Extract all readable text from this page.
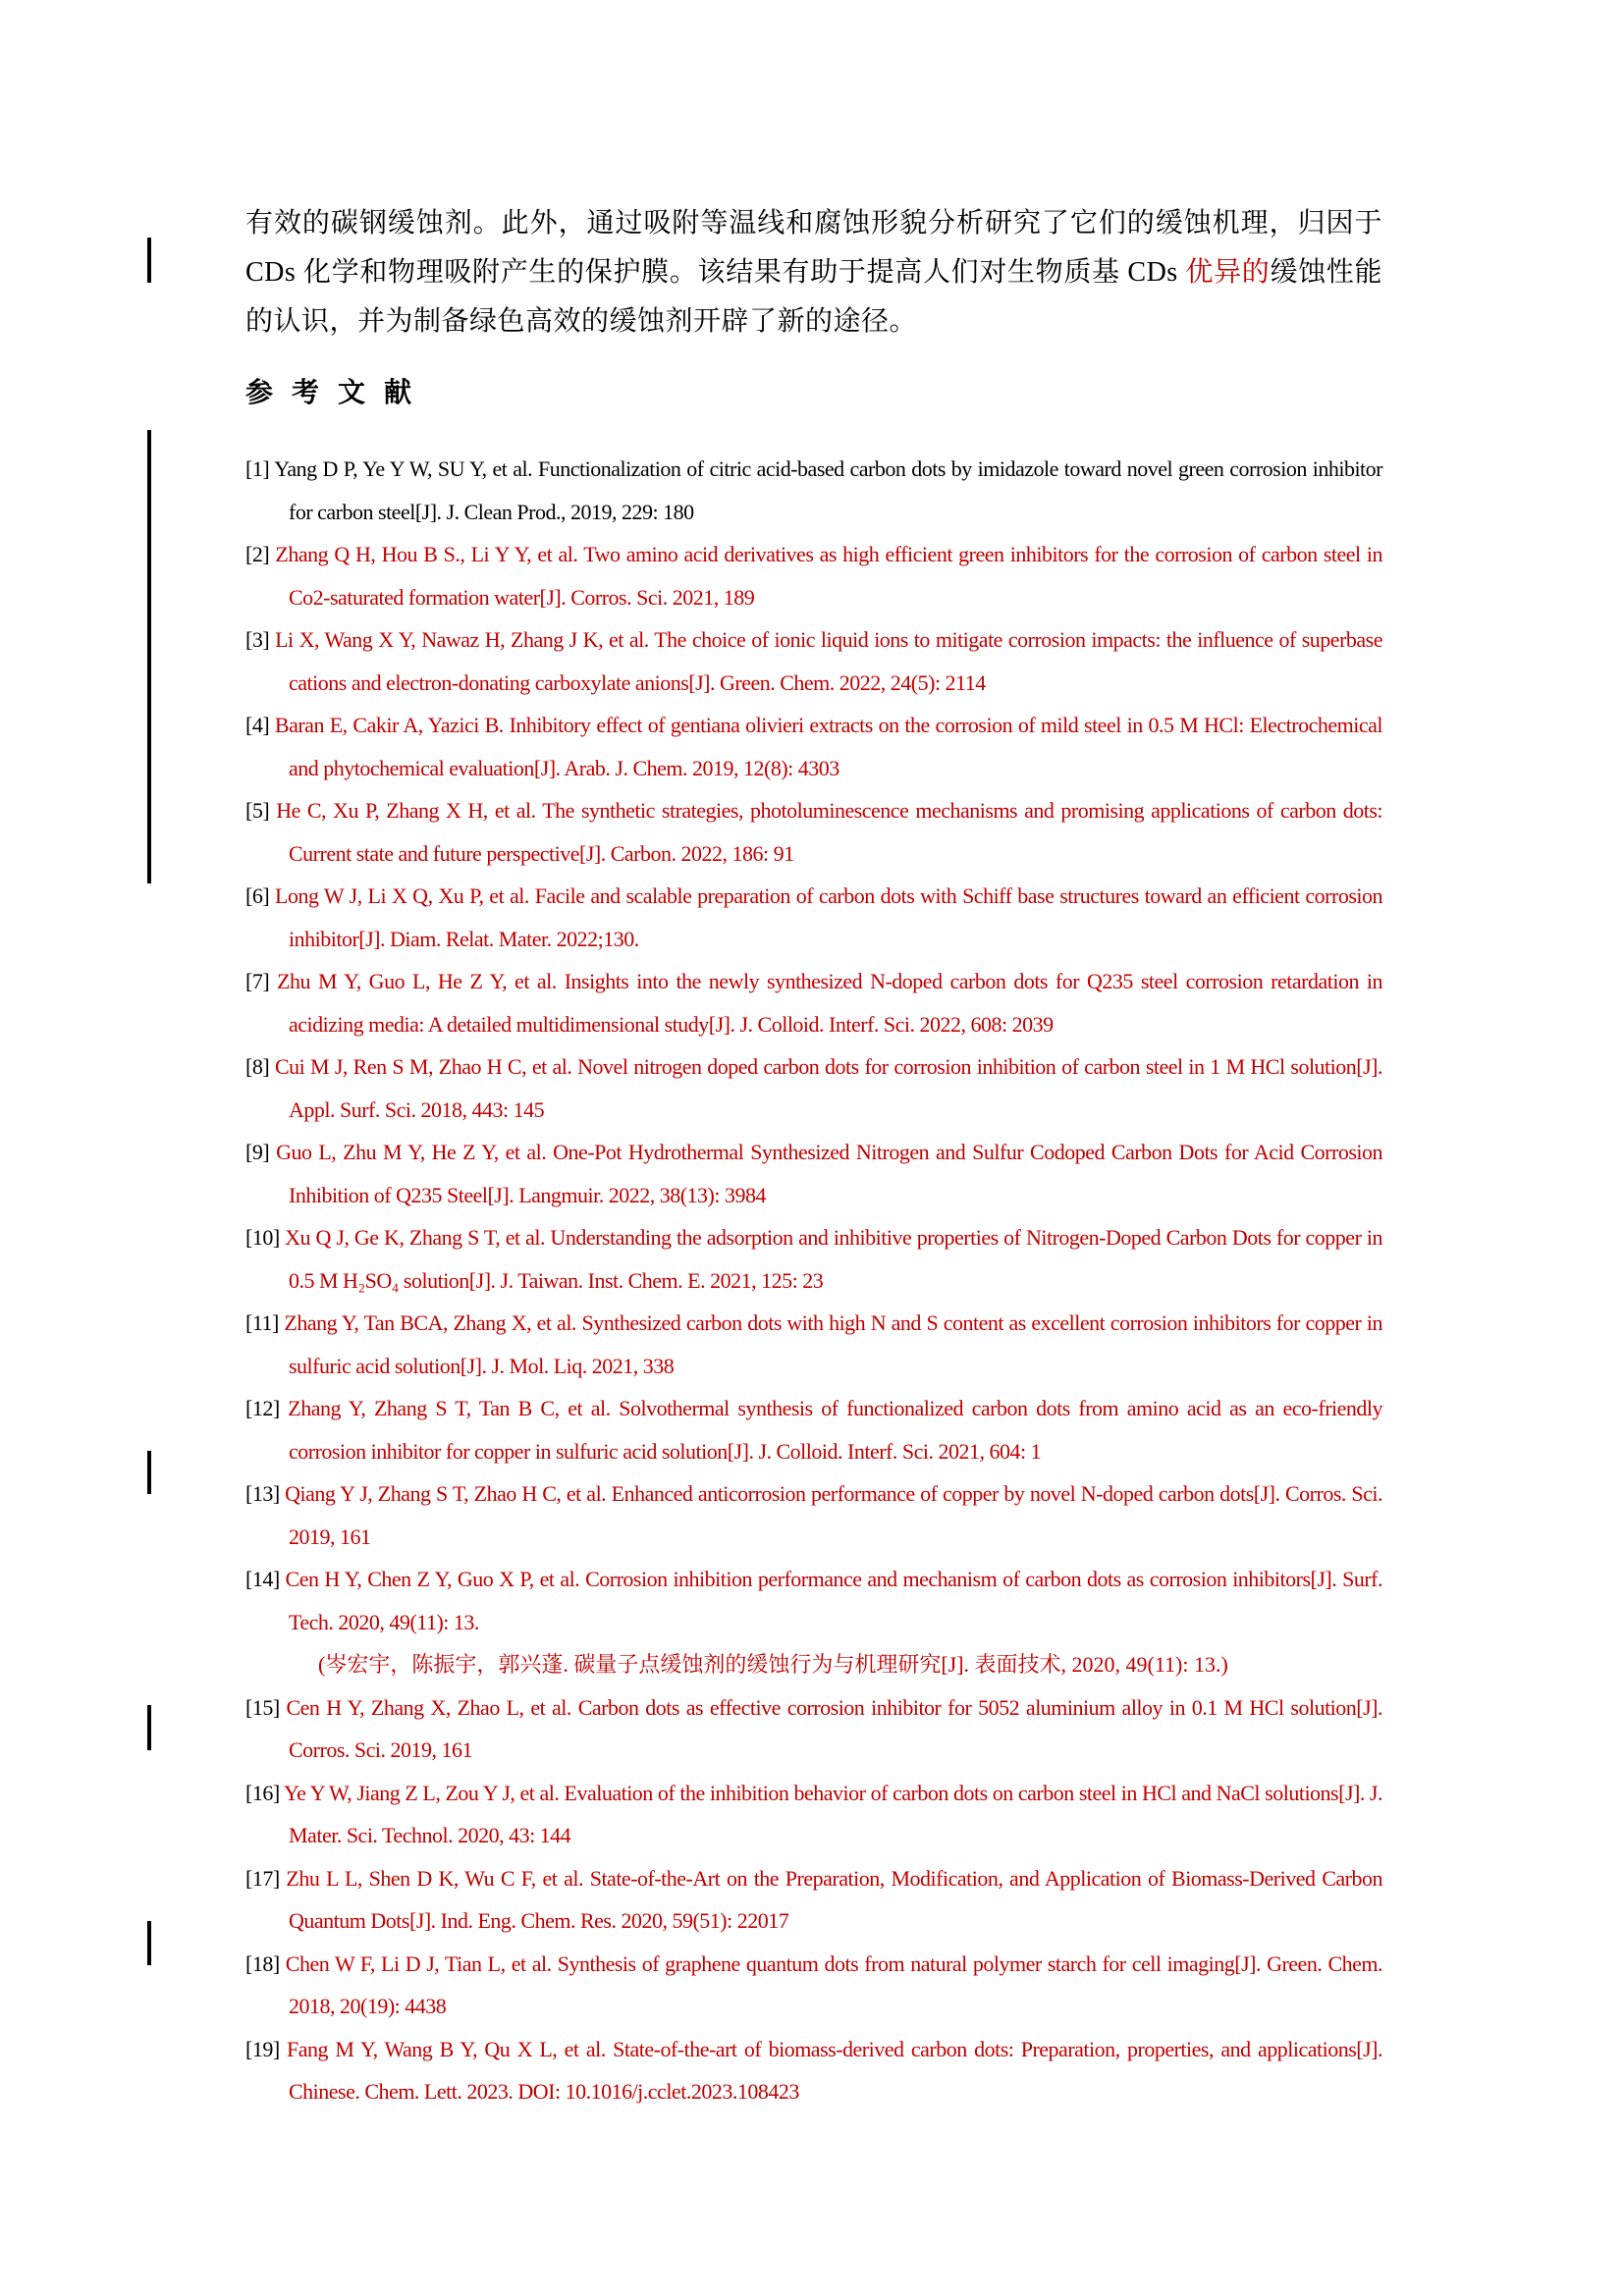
有效的碳钢缓蚀剂。此外，通过吸附等温线和腐蚀形貌分析研究了它们的缓蚀机理，归因于 CDs 化学和物理吸附产生的保护膜。该结果有助于提高人们对生物质基 CDs 优异的缓蚀性能的认识，并为制备绿色高效的缓蚀剂开辟了新的途径。
参 考 文 献
[1] Yang D P, Ye Y W, SU Y, et al. Functionalization of citric acid-based carbon dots by imidazole toward novel green corrosion inhibitor for carbon steel[J]. J. Clean Prod., 2019, 229: 180
[2] Zhang Q H, Hou B S., Li Y Y, et al. Two amino acid derivatives as high efficient green inhibitors for the corrosion of carbon steel in Co2-saturated formation water[J]. Corros. Sci. 2021, 189
[3] Li X, Wang X Y, Nawaz H, Zhang J K, et al. The choice of ionic liquid ions to mitigate corrosion impacts: the influence of superbase cations and electron-donating carboxylate anions[J]. Green. Chem. 2022, 24(5): 2114
[4] Baran E, Cakir A, Yazici B. Inhibitory effect of gentiana olivieri extracts on the corrosion of mild steel in 0.5 M HCl: Electrochemical and phytochemical evaluation[J]. Arab. J. Chem. 2019, 12(8): 4303
[5] He C, Xu P, Zhang X H, et al. The synthetic strategies, photoluminescence mechanisms and promising applications of carbon dots: Current state and future perspective[J]. Carbon. 2022, 186: 91
[6] Long W J, Li X Q, Xu P, et al. Facile and scalable preparation of carbon dots with Schiff base structures toward an efficient corrosion inhibitor[J]. Diam. Relat. Mater. 2022;130.
[7] Zhu M Y, Guo L, He Z Y, et al. Insights into the newly synthesized N-doped carbon dots for Q235 steel corrosion retardation in acidizing media: A detailed multidimensional study[J]. J. Colloid. Interf. Sci. 2022, 608: 2039
[8] Cui M J, Ren S M, Zhao H C, et al. Novel nitrogen doped carbon dots for corrosion inhibition of carbon steel in 1 M HCl solution[J]. Appl. Surf. Sci. 2018, 443: 145
[9] Guo L, Zhu M Y, He Z Y, et al. One-Pot Hydrothermal Synthesized Nitrogen and Sulfur Codoped Carbon Dots for Acid Corrosion Inhibition of Q235 Steel[J]. Langmuir. 2022, 38(13): 3984
[10] Xu Q J, Ge K, Zhang S T, et al. Understanding the adsorption and inhibitive properties of Nitrogen-Doped Carbon Dots for copper in 0.5 M H₂SO₄ solution[J]. J. Taiwan. Inst. Chem. E. 2021, 125: 23
[11] Zhang Y, Tan BCA, Zhang X, et al. Synthesized carbon dots with high N and S content as excellent corrosion inhibitors for copper in sulfuric acid solution[J]. J. Mol. Liq. 2021, 338
[12] Zhang Y, Zhang S T, Tan B C, et al. Solvothermal synthesis of functionalized carbon dots from amino acid as an eco-friendly corrosion inhibitor for copper in sulfuric acid solution[J]. J. Colloid. Interf. Sci. 2021, 604: 1
[13] Qiang Y J, Zhang S T, Zhao H C, et al. Enhanced anticorrosion performance of copper by novel N-doped carbon dots[J]. Corros. Sci. 2019, 161
[14] Cen H Y, Chen Z Y, Guo X P, et al. Corrosion inhibition performance and mechanism of carbon dots as corrosion inhibitors[J]. Surf. Tech. 2020, 49(11): 13.
(岑宏宇，陈振宇，郭兴蓬. 碳量子点缓蚀剂的缓蚀行为与机理研究[J]. 表面技术, 2020, 49(11): 13.)
[15] Cen H Y, Zhang X, Zhao L, et al. Carbon dots as effective corrosion inhibitor for 5052 aluminium alloy in 0.1 M HCl solution[J]. Corros. Sci. 2019, 161
[16] Ye Y W, Jiang Z L, Zou Y J, et al. Evaluation of the inhibition behavior of carbon dots on carbon steel in HCl and NaCl solutions[J]. J. Mater. Sci. Technol. 2020, 43: 144
[17] Zhu L L, Shen D K, Wu C F, et al. State-of-the-Art on the Preparation, Modification, and Application of Biomass-Derived Carbon Quantum Dots[J]. Ind. Eng. Chem. Res. 2020, 59(51): 22017
[18] Chen W F, Li D J, Tian L, et al. Synthesis of graphene quantum dots from natural polymer starch for cell imaging[J]. Green. Chem. 2018, 20(19): 4438
[19] Fang M Y, Wang B Y, Qu X L, et al. State-of-the-art of biomass-derived carbon dots: Preparation, properties, and applications[J]. Chinese. Chem. Lett. 2023. DOI: 10.1016/j.cclet.2023.108423
